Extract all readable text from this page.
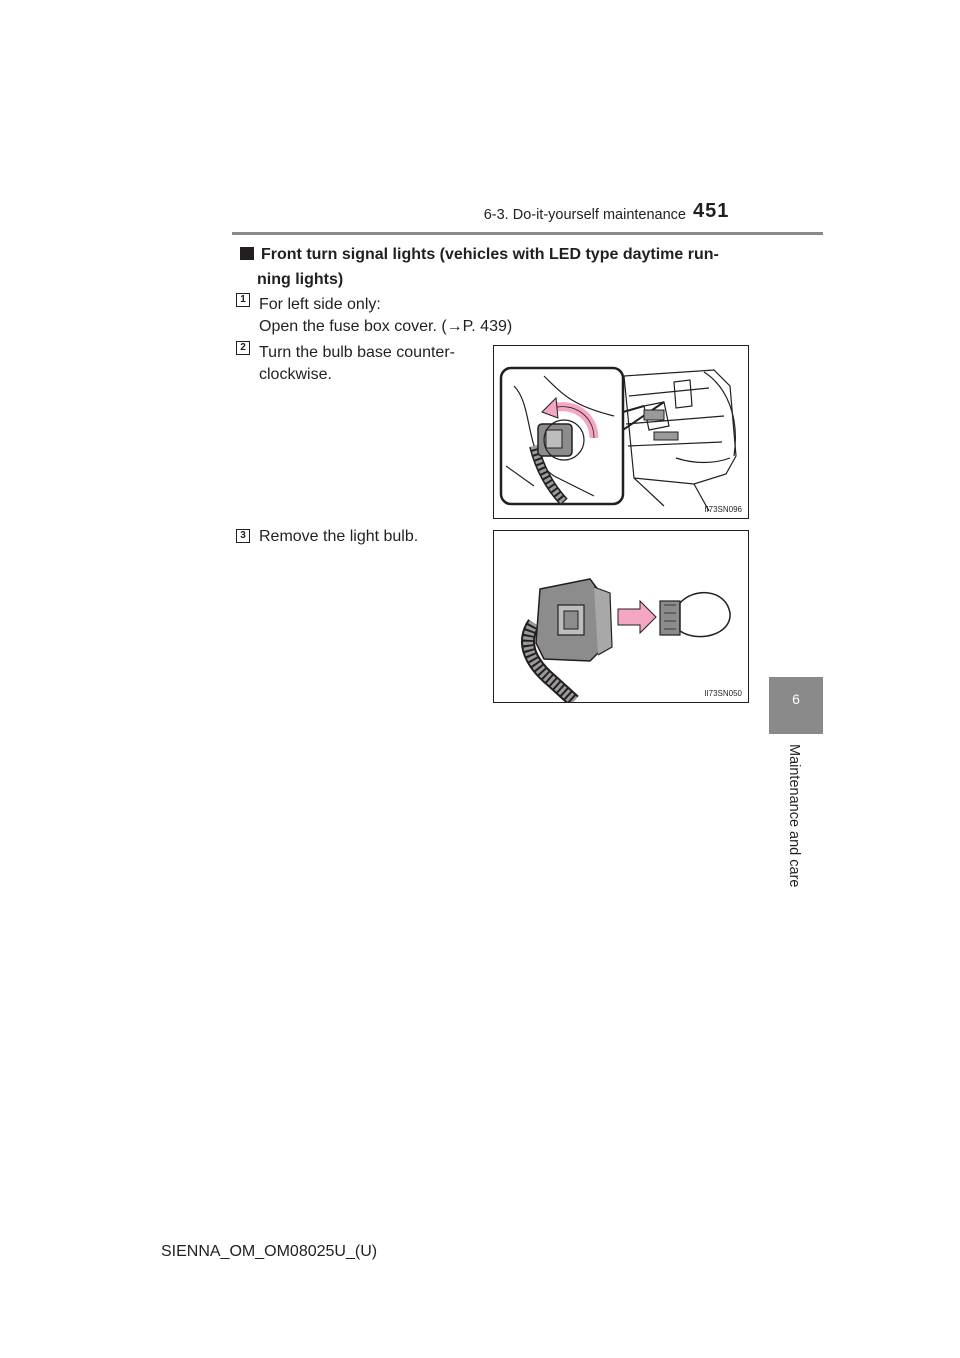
6-3. Do-it-yourself maintenance 451
6
Maintenance and care
Front turn signal lights (vehicles with LED type daytime run-
ning lights)
1 For left side only:
Open the fuse box cover. (→P. 439)
2 Turn the bulb base counter-
clockwise.
II73SN096
3 Remove the light bulb.
II73SN050
SIENNA_OM_OM08025U_(U)
